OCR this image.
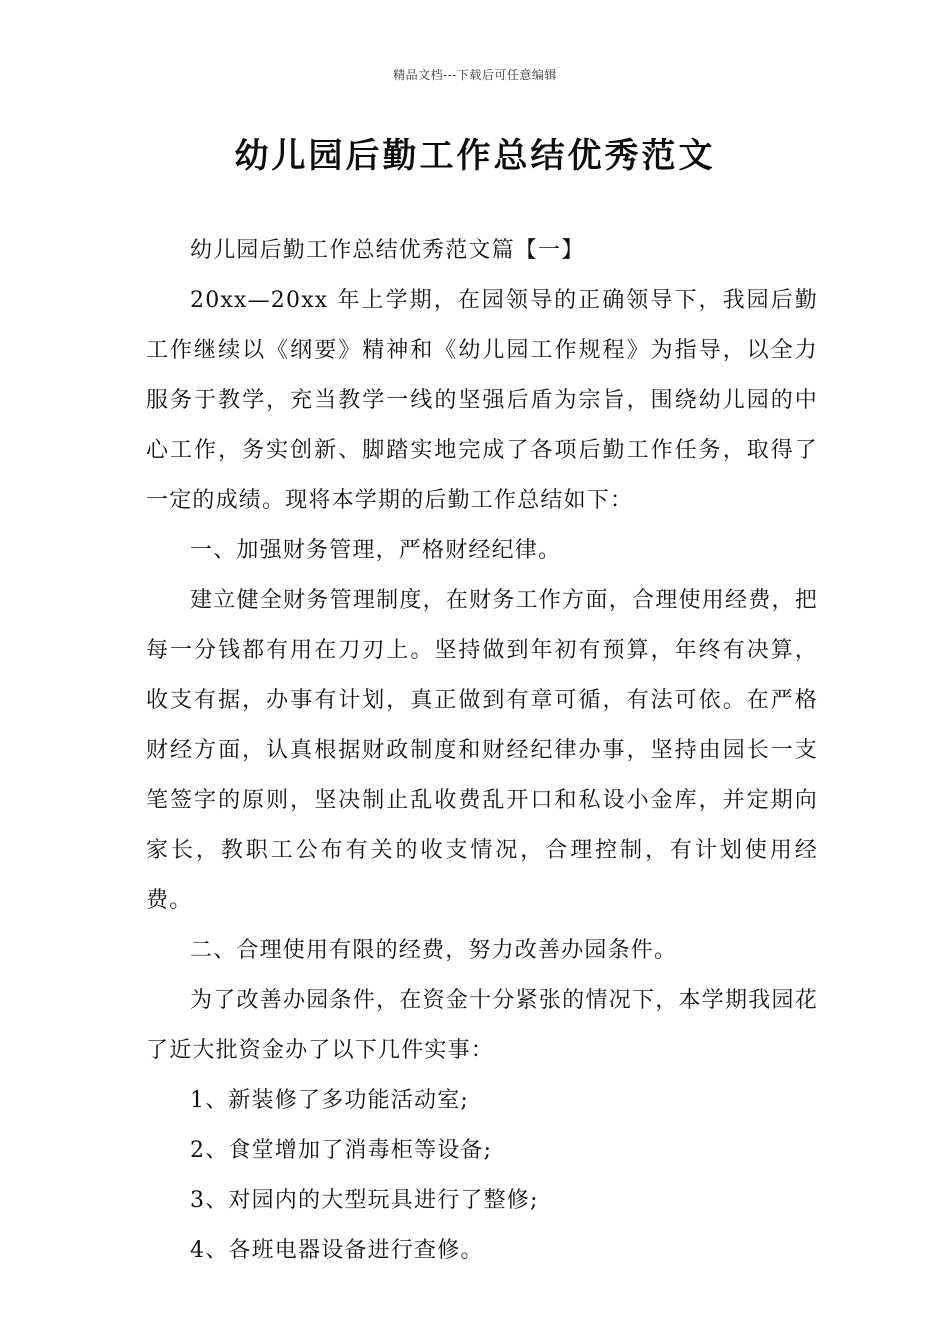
精品文档---下载后可任意编辑
幼儿园后勤工作总结优秀范文

幼儿园后勤工作总结优秀范文篇【一】

20xx—20xx 年上学期，在园领导的正确领导下，我园后勤工作继续以《纲要》精神和《幼儿园工作规程》为指导，以全力服务于教学，充当教学一线的坚强后盾为宗旨，围绕幼儿园的中心工作，务实创新、脚踏实地完成了各项后勤工作任务，取得了一定的成绩。现将本学期的后勤工作总结如下：

一、加强财务管理，严格财经纪律。

建立健全财务管理制度，在财务工作方面，合理使用经费，把每一分钱都有用在刀刃上。坚持做到年初有预算，年终有决算，收支有据，办事有计划，真正做到有章可循，有法可依。在严格财经方面，认真根据财政制度和财经纪律办事，坚持由园长一支笔签字的原则，坚决制止乱收费乱开口和私设小金库，并定期向家长，教职工公布有关的收支情况，合理控制，有计划使用经费。

二、合理使用有限的经费，努力改善办园条件。

为了改善办园条件，在资金十分紧张的情况下，本学期我园花了近大批资金办了以下几件实事：

1、新装修了多功能活动室;

2、食堂增加了消毒柜等设备;

3、对园内的大型玩具进行了整修;

4、各班电器设备进行查修。
